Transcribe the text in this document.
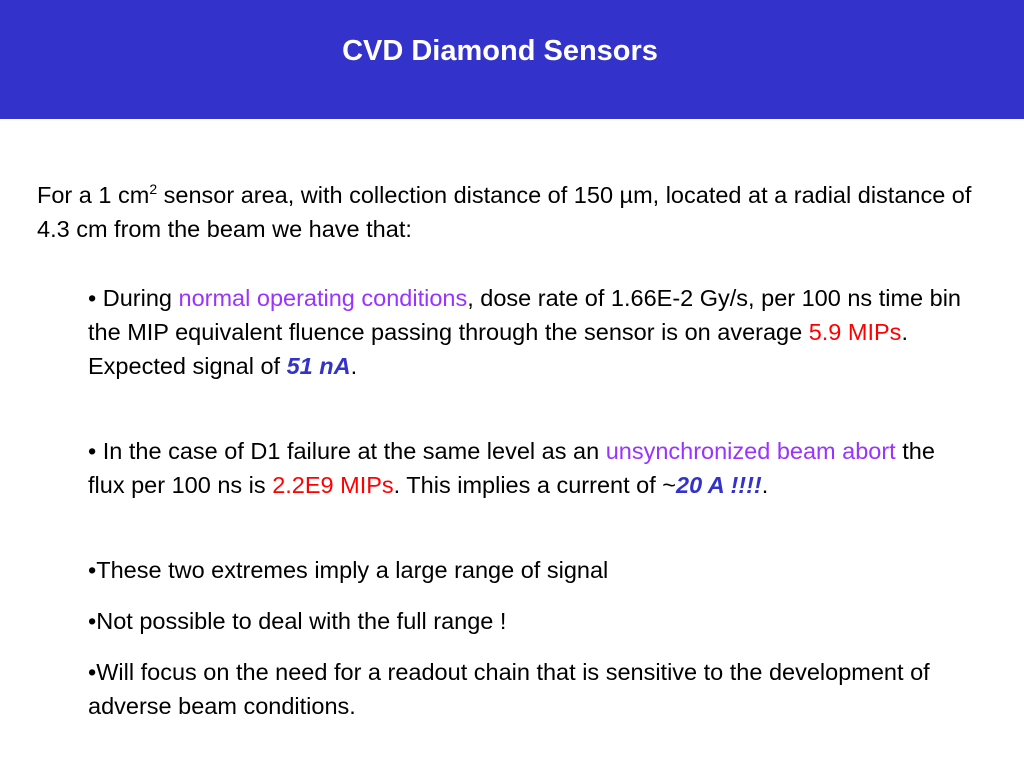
CVD Diamond Sensors
For a 1 $cm^2$ sensor area, with collection distance of 150 µm, located at a radial distance of 4.3 cm from the beam we have that:
• During normal operating conditions, dose rate of 1.66E-2 Gy/s, per 100 ns time bin the MIP equivalent fluence passing through the sensor is on average 5.9 MIPs. Expected signal of 51 nA.
• In the case of D1 failure at the same level as an unsynchronized beam abort the flux per 100 ns is 2.2E9 MIPs. This implies a current of ~20 A !!!!.
•These two extremes imply a large range of signal
•Not possible to deal with the full range !
•Will focus on the need for a readout chain that is sensitive to the development of adverse beam conditions.
